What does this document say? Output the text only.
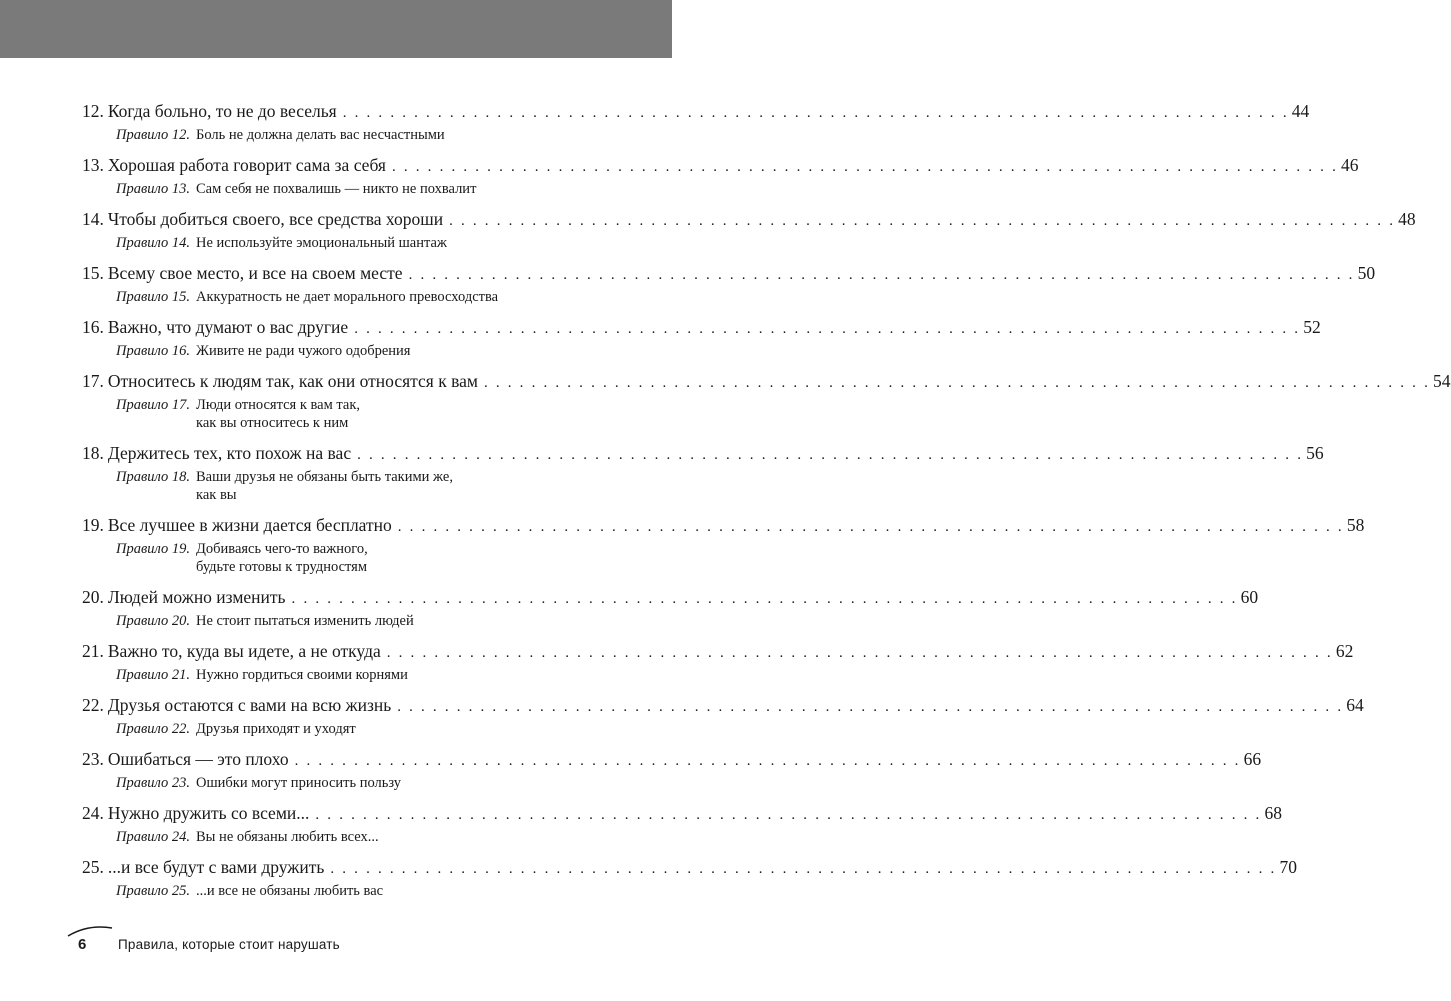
12. Когда больно, то не до веселья . . . . . . . . . . . . . . . . . . . . . . . . . . . . . . . . . . . . . . . . . . . . . . . . . . . . . . . . . . . . . . . . . . . . . . . . . . . . . . . . 44
Правило 12. Боль не должна делать вас несчастными
13. Хорошая работа говорит сама за себя . . . . . . . . . . . . . . . . . . . . . . . . . . . . . . . . . . . . . . . . . . . . . . . . . . . . . . . . . . . . . . . . . . . . . . . . . . . . . . . . 46
Правило 13. Сам себя не похвалишь — никто не похвалит
14. Чтобы добиться своего, все средства хороши . . . . . . . . . . . . . . . . . . . . . . . . . . . . . . . . . . . . . . . . . . . . . . . . . . . . . . . . . . . . . . . . . . . . . . . . . . . . . . . . 48
Правило 14. Не используйте эмоциональный шантаж
15. Всему свое место, и все на своем месте . . . . . . . . . . . . . . . . . . . . . . . . . . . . . . . . . . . . . . . . . . . . . . . . . . . . . . . . . . . . . . . . . . . . . . . . . . . . . . . . 50
Правило 15. Аккуратность не дает морального превосходства
16. Важно, что думают о вас другие . . . . . . . . . . . . . . . . . . . . . . . . . . . . . . . . . . . . . . . . . . . . . . . . . . . . . . . . . . . . . . . . . . . . . . . . . . . . . . . . 52
Правило 16. Живите не ради чужого одобрения
17. Относитесь к людям так, как они относятся к вам . . . . . . . . . . . . . . . . . . . . . . . . . . . . . . . . . . . . . . . . . . . . . . . . . . . . . . . . . . . . . . . . . . . . . . . . . . . . . . . . 54
Правило 17. Люди относятся к вам так,
как вы относитесь к ним
18. Держитесь тех, кто похож на вас . . . . . . . . . . . . . . . . . . . . . . . . . . . . . . . . . . . . . . . . . . . . . . . . . . . . . . . . . . . . . . . . . . . . . . . . . . . . . . . . 56
Правило 18. Ваши друзья не обязаны быть такими же,
как вы
19. Все лучшее в жизни дается бесплатно . . . . . . . . . . . . . . . . . . . . . . . . . . . . . . . . . . . . . . . . . . . . . . . . . . . . . . . . . . . . . . . . . . . . . . . . . . . . . . . . 58
Правило 19. Добиваясь чего-то важного,
будьте готовы к трудностям
20. Людей можно изменить . . . . . . . . . . . . . . . . . . . . . . . . . . . . . . . . . . . . . . . . . . . . . . . . . . . . . . . . . . . . . . . . . . . . . . . . . . . . . . . . 60
Правило 20. Не стоит пытаться изменить людей
21. Важно то, куда вы идете, а не откуда . . . . . . . . . . . . . . . . . . . . . . . . . . . . . . . . . . . . . . . . . . . . . . . . . . . . . . . . . . . . . . . . . . . . . . . . . . . . . . . . 62
Правило 21. Нужно гордиться своими корнями
22. Друзья остаются с вами на всю жизнь . . . . . . . . . . . . . . . . . . . . . . . . . . . . . . . . . . . . . . . . . . . . . . . . . . . . . . . . . . . . . . . . . . . . . . . . . . . . . . . . 64
Правило 22. Друзья приходят и уходят
23. Ошибаться — это плохо . . . . . . . . . . . . . . . . . . . . . . . . . . . . . . . . . . . . . . . . . . . . . . . . . . . . . . . . . . . . . . . . . . . . . . . . . . . . . . . . 66
Правило 23. Ошибки могут приносить пользу
24. Нужно дружить со всеми... . . . . . . . . . . . . . . . . . . . . . . . . . . . . . . . . . . . . . . . . . . . . . . . . . . . . . . . . . . . . . . . . . . . . . . . . . . . . . . . . 68
Правило 24. Вы не обязаны любить всех...
25. ...и все будут с вами дружить . . . . . . . . . . . . . . . . . . . . . . . . . . . . . . . . . . . . . . . . . . . . . . . . . . . . . . . . . . . . . . . . . . . . . . . . . . . . . . . . 70
Правило 25. ...и все не обязаны любить вас
6 Правила, которые стоит нарушать
